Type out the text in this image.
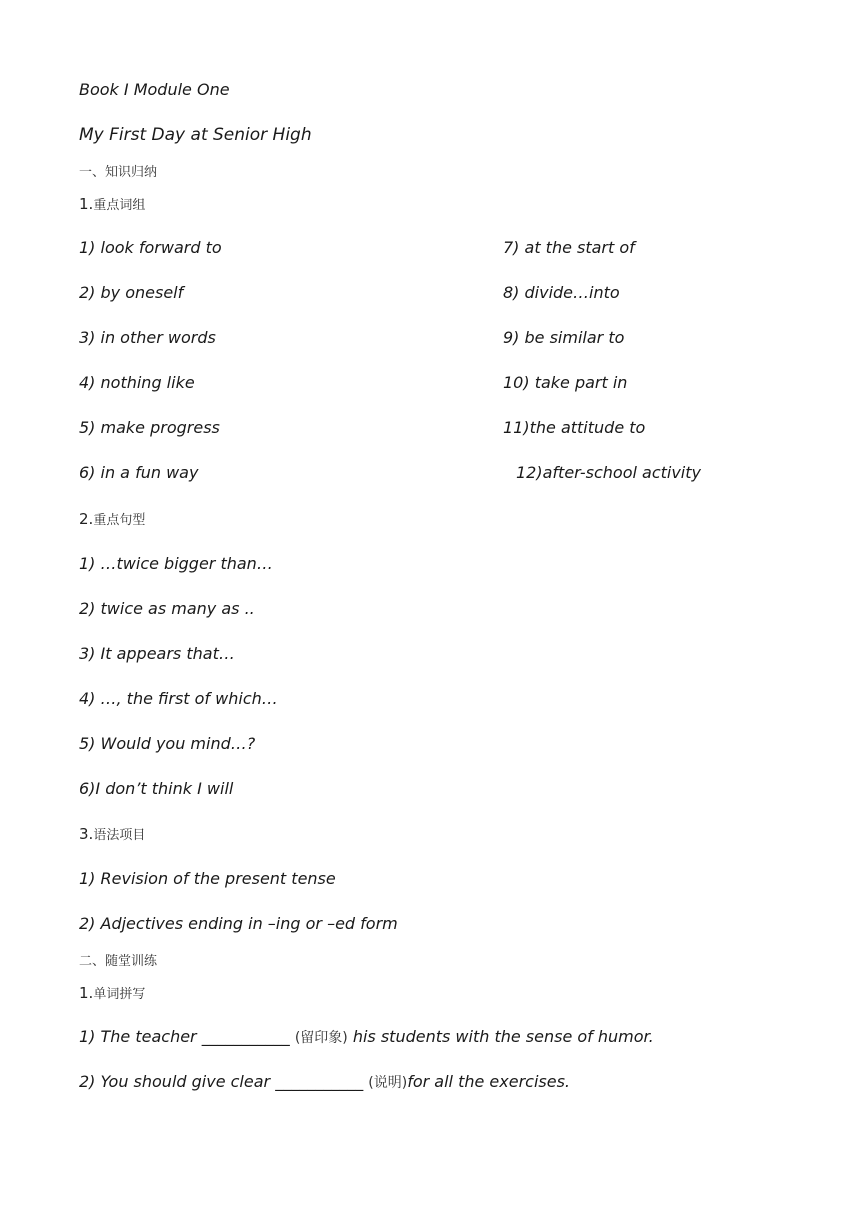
Book I Module One
My First Day at Senior High
一、知识归纳
1.重点词组
1) look forward to
2) by oneself
3) in other words
4) nothing like
5) make progress
6) in a fun way
7) at the start of
8) divide…into
9) be similar to
10) take part in
11)the attitude to
12)after-school activity
2.重点句型
1) …twice bigger than…
2) twice as many as ..
3) It appears that…
4) …, the first of which…
5) Would you mind…?
6)I don’t think I will
3.语法项目
1) Revision of the present tense
2) Adjectives ending in –ing or –ed form
二、随堂训练
1.单词拼写
1) The teacher ___________ (留印象) his students with the sense of humor.
2) You should give clear ___________ (说明)for all the exercises.
